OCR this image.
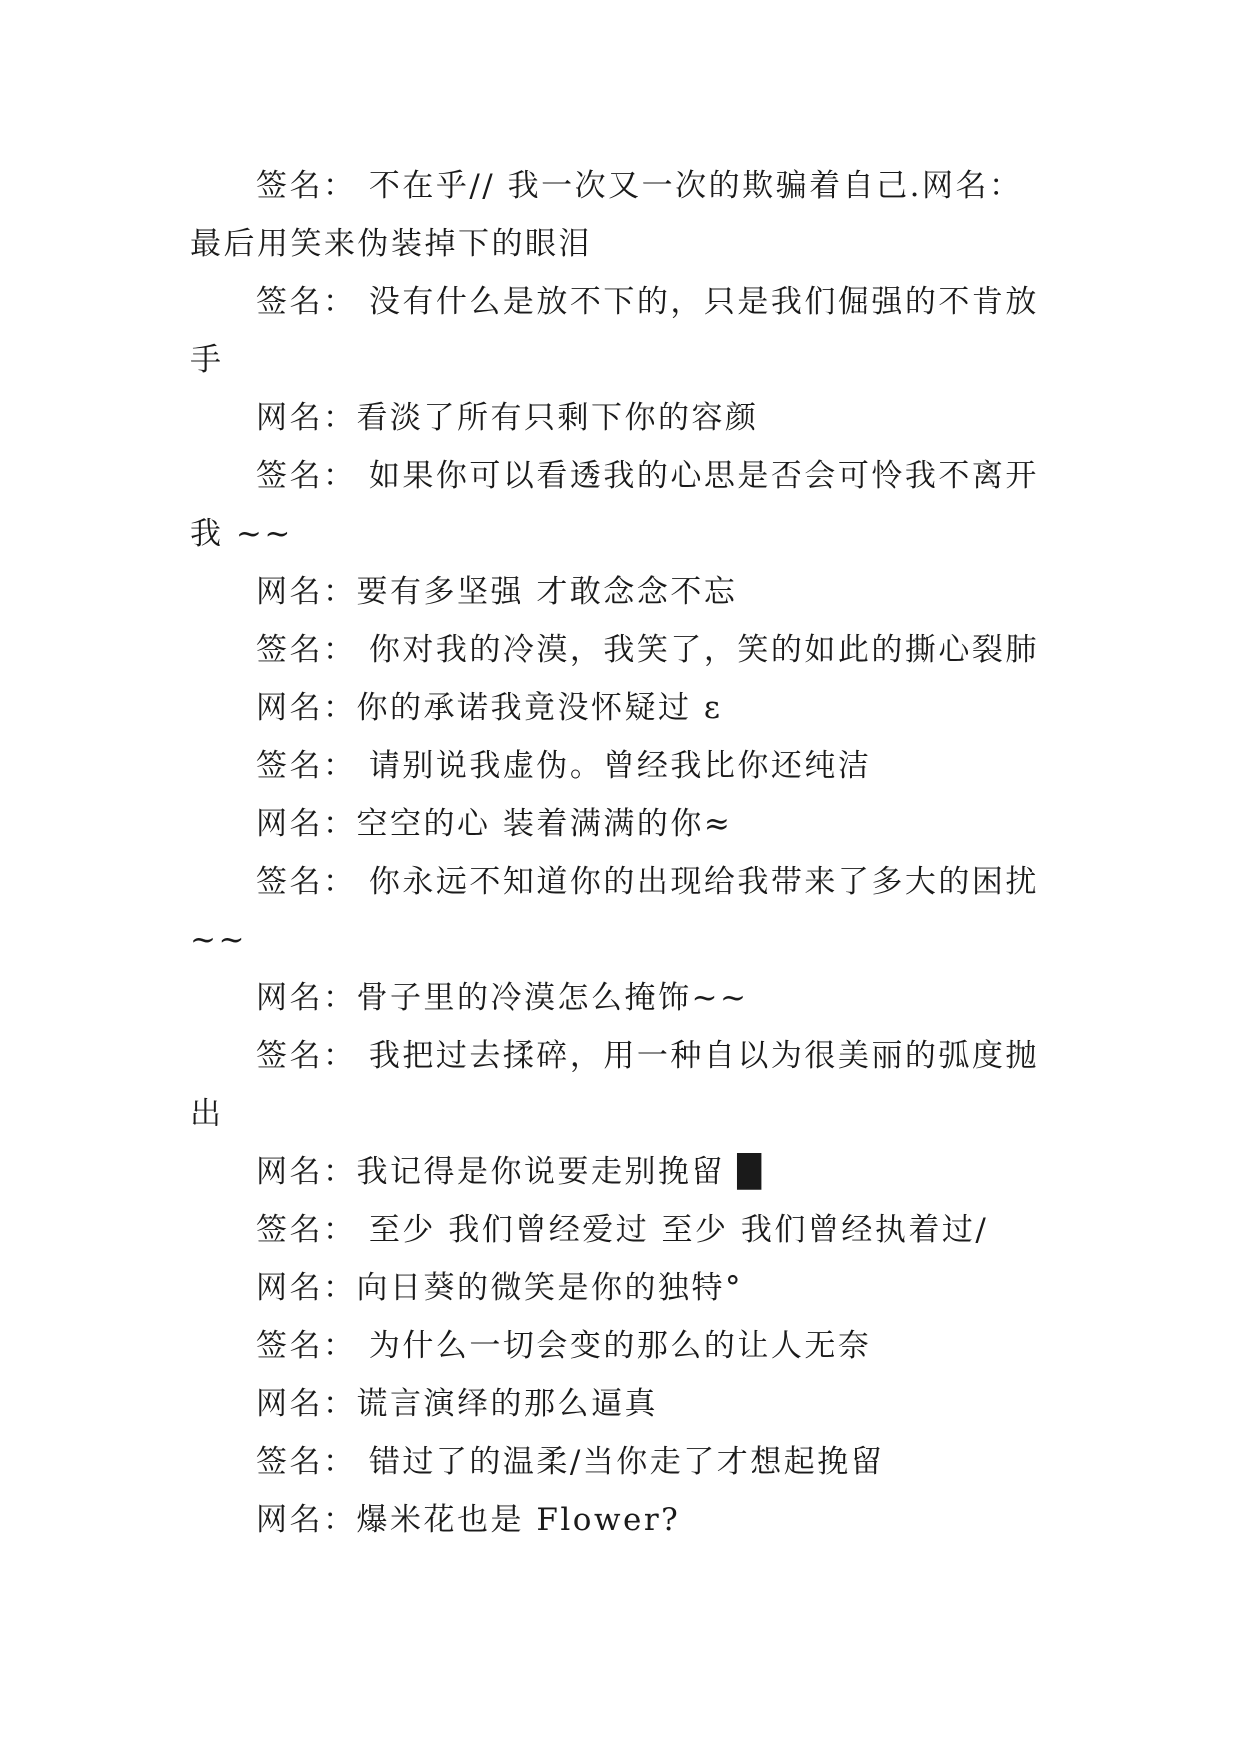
签名： 不在乎// 我一次又一次的欺骗着自己.网名：最后用笑来伪装掉下的眼泪

签名： 没有什么是放不下的，只是我们倔强的不肯放手

网名：看淡了所有只剩下你的容颜

签名： 如果你可以看透我的心思是否会可怜我不离开我 ~~

网名：要有多坚强 才敢念念不忘

签名： 你对我的冷漠，我笑了，笑的如此的撕心裂肺

网名：你的承诺我竟没怀疑过 ɛ

签名： 请别说我虚伪。曾经我比你还纯洁

网名：空空的心 装着满满的你≈

签名： 你永远不知道你的出现给我带来了多大的困扰~~

网名：骨子里的冷漠怎么掩饰~~

签名： 我把过去揉碎，用一种自以为很美丽的弧度抛出

网名：我记得是你说要走别挽留 █

签名： 至少 我们曾经爱过 至少 我们曾经执着过/

网名：向日葵的微笑是你的独特°

签名： 为什么一切会变的那么的让人无奈

网名：谎言演绎的那么逼真

签名： 错过了的温柔/当你走了才想起挽留

网名：爆米花也是 Flower?
